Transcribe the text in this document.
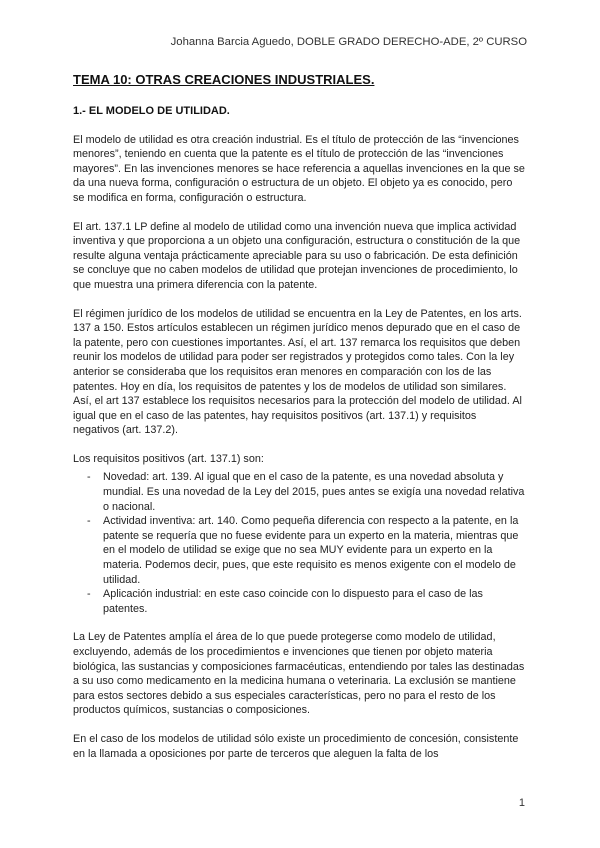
Johanna Barcia Aguedo, DOBLE GRADO DERECHO-ADE, 2º CURSO
TEMA 10: OTRAS CREACIONES INDUSTRIALES.
1.- EL MODELO DE UTILIDAD.

El modelo de utilidad es otra creación industrial. Es el título de protección de las “invenciones menores”, teniendo en cuenta que la patente es el título de protección de las “invenciones mayores”. En las invenciones menores se hace referencia a aquellas invenciones en la que se da una nueva forma, configuración o estructura de un objeto. El objeto ya es conocido, pero se modifica en forma, configuración o estructura.

El art. 137.1 LP define al modelo de utilidad como una invención nueva que implica actividad inventiva y que proporciona a un objeto una configuración, estructura o constitución de la que resulte alguna ventaja prácticamente apreciable para su uso o fabricación. De esta definición se concluye que no caben modelos de utilidad que protejan invenciones de procedimiento, lo que muestra una primera diferencia con la patente.

El régimen jurídico de los modelos de utilidad se encuentra en la Ley de Patentes, en los arts. 137 a 150. Estos artículos establecen un régimen jurídico menos depurado que en el caso de la patente, pero con cuestiones importantes. Así, el art. 137 remarca los requisitos que deben reunir los modelos de utilidad para poder ser registrados y protegidos como tales. Con la ley anterior se consideraba que los requisitos eran menores en comparación con los de las patentes. Hoy en día, los requisitos de patentes y los de modelos de utilidad son similares. Así, el art 137 establece los requisitos necesarios para la protección del modelo de utilidad. Al igual que en el caso de las patentes, hay requisitos positivos (art. 137.1) y requisitos negativos (art. 137.2).

Los requisitos positivos (art. 137.1) son:

- Novedad: art. 139. Al igual que en el caso de la patente, es una novedad absoluta y mundial. Es una novedad de la Ley del 2015, pues antes se exigía una novedad relativa o nacional.
- Actividad inventiva: art. 140. Como pequeña diferencia con respecto a la patente, en la patente se requería que no fuese evidente para un experto en la materia, mientras que en el modelo de utilidad se exige que no sea MUY evidente para un experto en la materia. Podemos decir, pues, que este requisito es menos exigente con el modelo de utilidad.
- Aplicación industrial: en este caso coincide con lo dispuesto para el caso de las patentes.

La Ley de Patentes amplía el área de lo que puede protegerse como modelo de utilidad, excluyendo, además de los procedimientos e invenciones que tienen por objeto materia biológica, las sustancias y composiciones farmacéuticas, entendiendo por tales las destinadas a su uso como medicamento en la medicina humana o veterinaria. La exclusión se mantiene para estos sectores debido a sus especiales características, pero no para el resto de los productos químicos, sustancias o composiciones.

En el caso de los modelos de utilidad sólo existe un procedimiento de concesión, consistente en la llamada a oposiciones por parte de terceros que aleguen la falta de los

1
